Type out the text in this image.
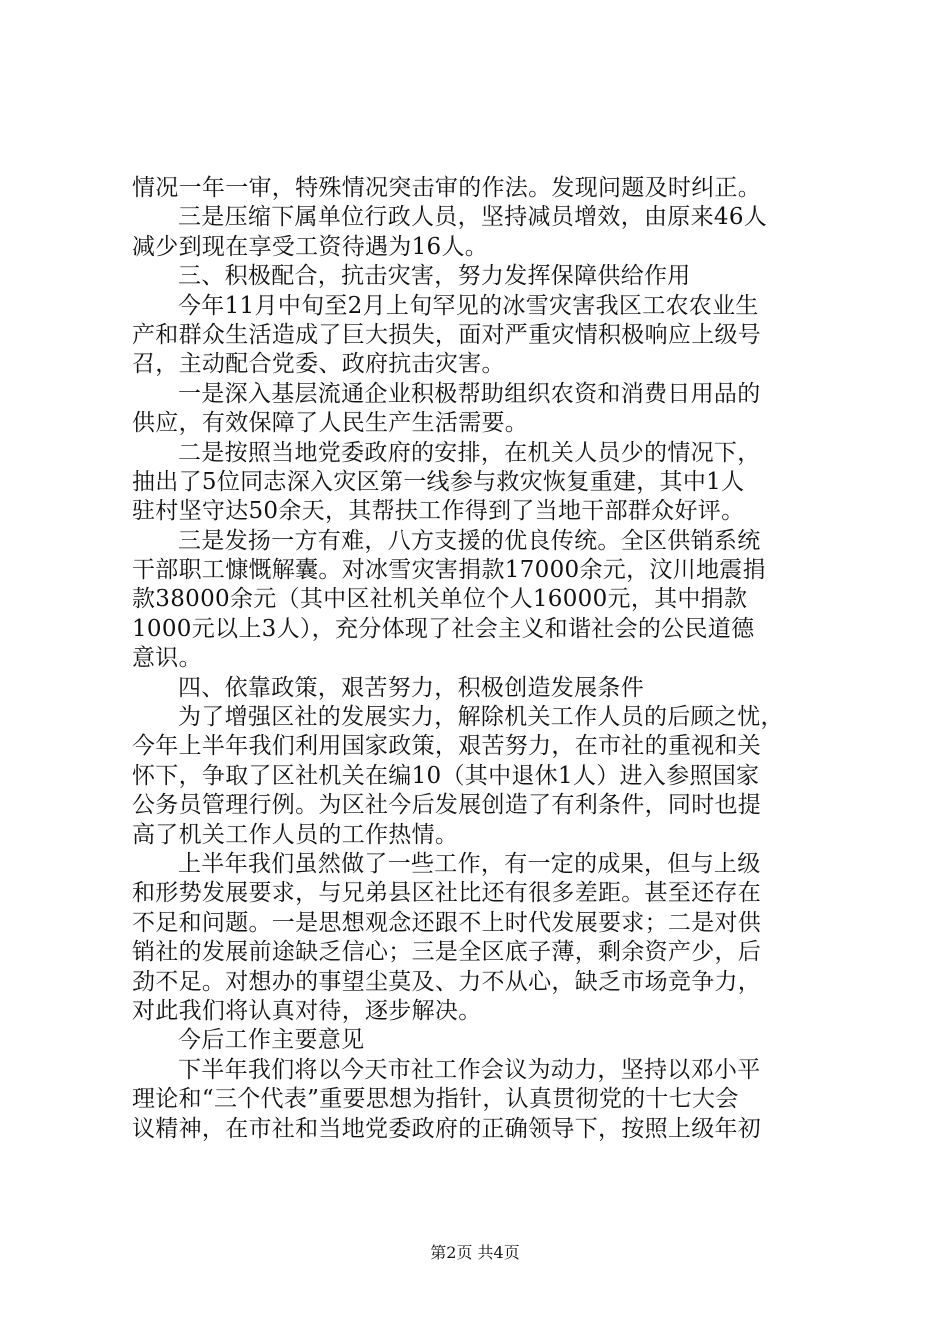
情况一年一审，特殊情况突击审的作法。发现问题及时纠正。
三是压缩下属单位行政人员，坚持减员增效，由原来46人
减少到现在享受工资待遇为16人。
三、积极配合，抗击灾害，努力发挥保障供给作用
今年11月中旬至2月上旬罕见的冰雪灾害我区工农农业生
产和群众生活造成了巨大损失，面对严重灾情积极响应上级号
召，主动配合党委、政府抗击灾害。
一是深入基层流通企业积极帮助组织农资和消费日用品的
供应，有效保障了人民生产生活需要。
二是按照当地党委政府的安排，在机关人员少的情况下，
抽出了5位同志深入灾区第一线参与救灾恢复重建，其中1人
驻村坚守达50余天，其帮扶工作得到了当地干部群众好评。
三是发扬一方有难，八方支援的优良传统。全区供销系统
干部职工慷慨解囊。对冰雪灾害捐款17000余元，汶川地震捐
款38000余元（其中区社机关单位个人16000元，其中捐款
1000元以上3人），充分体现了社会主义和谐社会的公民道德
意识。
四、依靠政策，艰苦努力，积极创造发展条件
为了增强区社的发展实力，解除机关工作人员的后顾之忧，
今年上半年我们利用国家政策，艰苦努力，在市社的重视和关
怀下，争取了区社机关在编10（其中退休1人）进入参照国家
公务员管理行例。为区社今后发展创造了有利条件，同时也提
高了机关工作人员的工作热情。
上半年我们虽然做了一些工作，有一定的成果，但与上级
和形势发展要求，与兄弟县区社比还有很多差距。甚至还存在
不足和问题。一是思想观念还跟不上时代发展要求；二是对供
销社的发展前途缺乏信心；三是全区底子薄，剩余资产少，后
劲不足。对想办的事望尘莫及、力不从心，缺乏市场竞争力，
对此我们将认真对待，逐步解决。
今后工作主要意见
下半年我们将以今天市社工作会议为动力，坚持以邓小平
理论和“三个代表”重要思想为指针，认真贯彻党的十七大会
议精神，在市社和当地党委政府的正确领导下，按照上级年初
第2页 共4页
